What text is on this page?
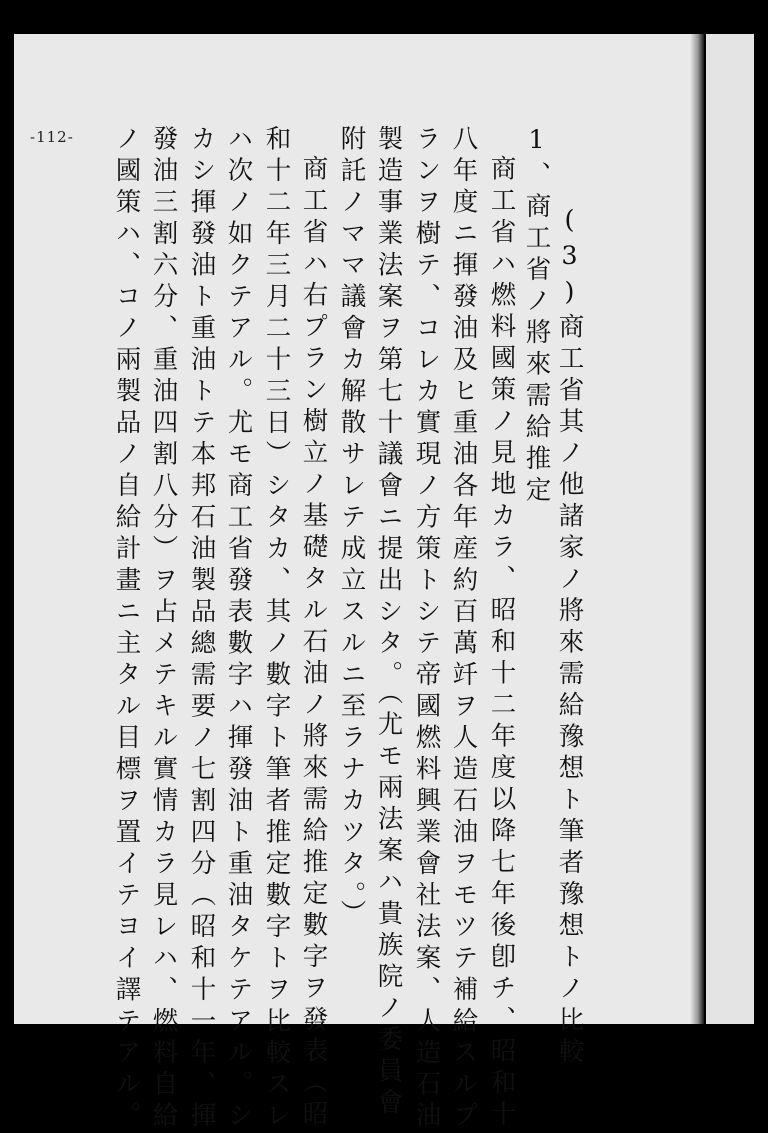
-112-
(3)商工省其ノ他諸家ノ將來需給豫想ト筆者豫想トノ比較
1、商工省ノ將來需給推定
商工省ハ燃料國策ノ見地カラ、昭和十二年度以降七年後卽チ、昭和十
八年度ニ揮發油及ヒ重油各年産約百萬竏ヲ人造石油ヲモツテ補給スルプ
ランヲ樹テ、コレカ實現ノ方策トシテ帝國燃料興業會社法案、人造石油
製造事業法案ヲ第七十議會ニ提出シタ。（尤モ兩法案ハ貴族院ノ委員會
附託ノママ議會カ解散サレテ成立スルニ至ラナカツタ。）
商工省ハ右プラン樹立ノ基礎タル石油ノ將來需給推定數字ヲ發表（昭
和十二年三月二十三日）シタカ、其ノ數字ト筆者推定數字トヲ比較スレ
ハ次ノ如クテアル。尤モ商工省發表數字ハ揮發油ト重油タケテアル。シ
カシ揮發油ト重油トテ本邦石油製品總需要ノ七割四分（昭和十一年、揮
發油三割六分、重油四割八分）ヲ占メテキル實情カラ見レハ、燃料自給
ノ國策ハ、コノ兩製品ノ自給計畫ニ主タル目標ヲ置イテヨイ譯テアル。
